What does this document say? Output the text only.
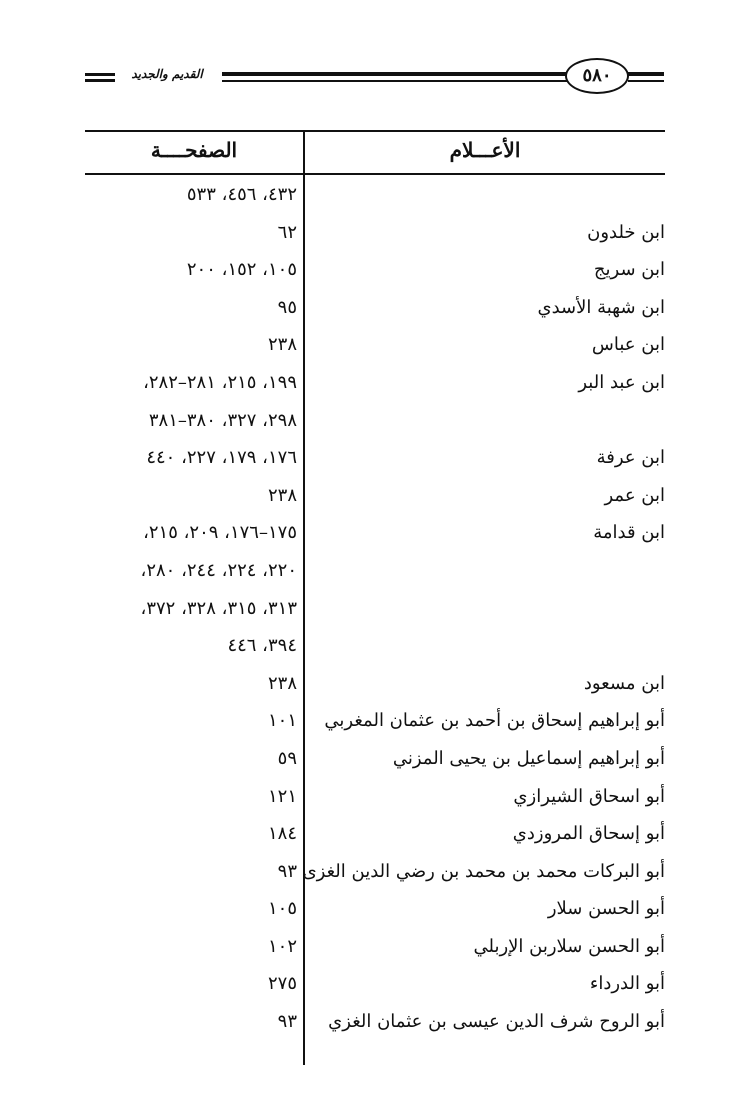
القديم والجديد	٥٨٠
الأعـــلام
الصفحــــة
٤٣٢، ٤٥٦، ٥٣٣
ابن خلدون
٦٢
ابن سريج
١٠٥، ١٥٢، ٢٠٠
ابن شهبة الأسدي
٩٥
ابن عباس
٢٣٨
ابن عبد البر
١٩٩، ٢١٥، ٢٨١–٢٨٢،
٢٩٨، ٣٢٧، ٣٨٠–٣٨١
ابن عرفة
١٧٦، ١٧٩، ٢٢٧، ٤٤٠
ابن عمر
٢٣٨
ابن قدامة
١٧٥–١٧٦، ٢٠٩، ٢١٥،
٢٢٠، ٢٢٤، ٢٤٤، ٢٨٠،
٣١٣، ٣١٥، ٣٢٨، ٣٧٢،
٣٩٤، ٤٤٦
ابن مسعود
٢٣٨
أبو إبراهيم إسحاق بن أحمد بن عثمان المغربي
١٠١
أبو إبراهيم إسماعيل بن يحيى المزني
٥٩
أبو اسحاق الشيرازي
١٢١
أبو إسحاق المروزدي
١٨٤
أبو البركات محمد بن محمد بن رضي الدين الغزى
٩٣
أبو الحسن سلار
١٠٥
أبو الحسن سلاربن الإربلي
١٠٢
أبو الدرداء
٢٧٥
أبو الروح شرف الدين عيسى بن عثمان الغزي
٩٣
